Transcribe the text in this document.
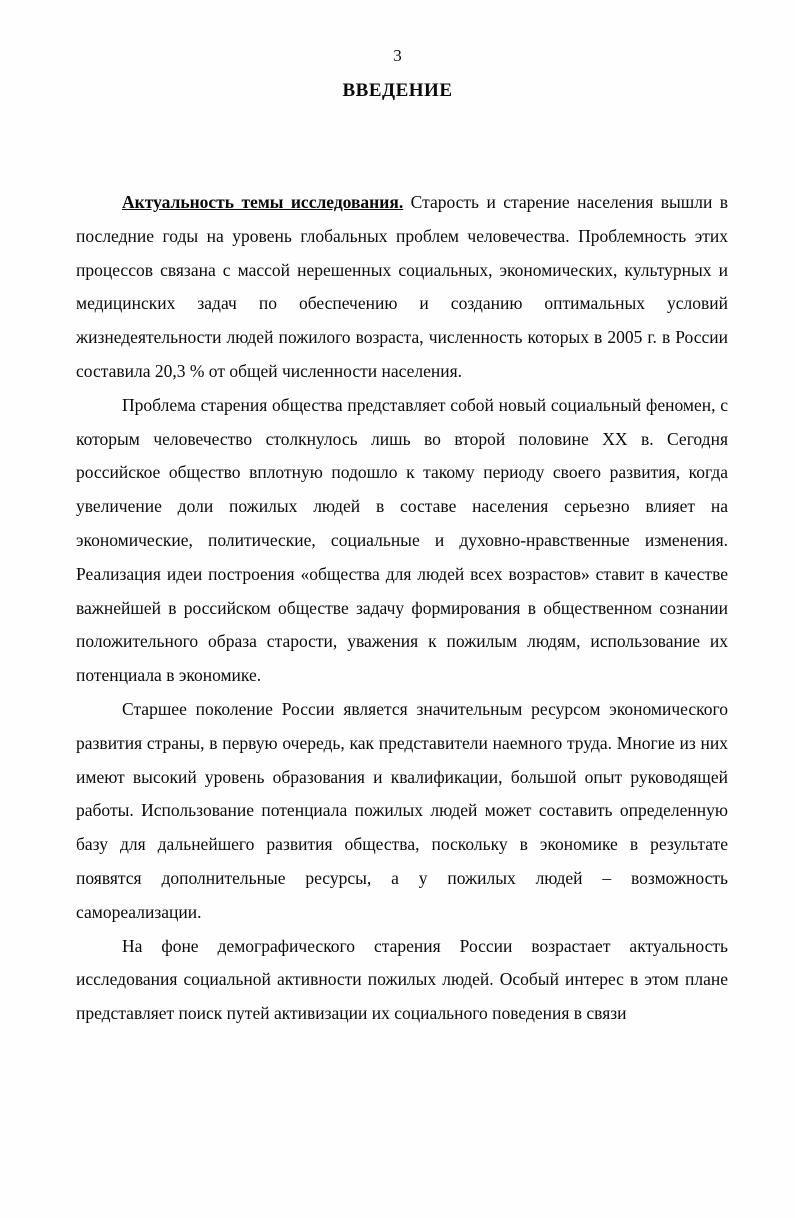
3
ВВЕДЕНИЕ

Актуальность темы исследования. Старость и старение населения вышли в последние годы на уровень глобальных проблем человечества. Проблемность этих процессов связана с массой нерешенных социальных, экономических, культурных и медицинских задач по обеспечению и созданию оптимальных условий жизнедеятельности людей пожилого возраста, численность которых в 2005 г. в России составила 20,3 % от общей численности населения.

Проблема старения общества представляет собой новый социальный феномен, с которым человечество столкнулось лишь во второй половине XX в. Сегодня российское общество вплотную подошло к такому периоду своего развития, когда увеличение доли пожилых людей в составе населения серьезно влияет на экономические, политические, социальные и духовно-нравственные изменения. Реализация идеи построения «общества для людей всех возрастов» ставит в качестве важнейшей в российском обществе задачу формирования в общественном сознании положительного образа старости, уважения к пожилым людям, использование их потенциала в экономике.

Старшее поколение России является значительным ресурсом экономического развития страны, в первую очередь, как представители наемного труда. Многие из них имеют высокий уровень образования и квалификации, большой опыт руководящей работы. Использование потенциала пожилых людей может составить определенную базу для дальнейшего развития общества, поскольку в экономике в результате появятся дополнительные ресурсы, а у пожилых людей – возможность самореализации.

На фоне демографического старения России возрастает актуальность исследования социальной активности пожилых людей. Особый интерес в этом плане представляет поиск путей активизации их социального поведения в связи
